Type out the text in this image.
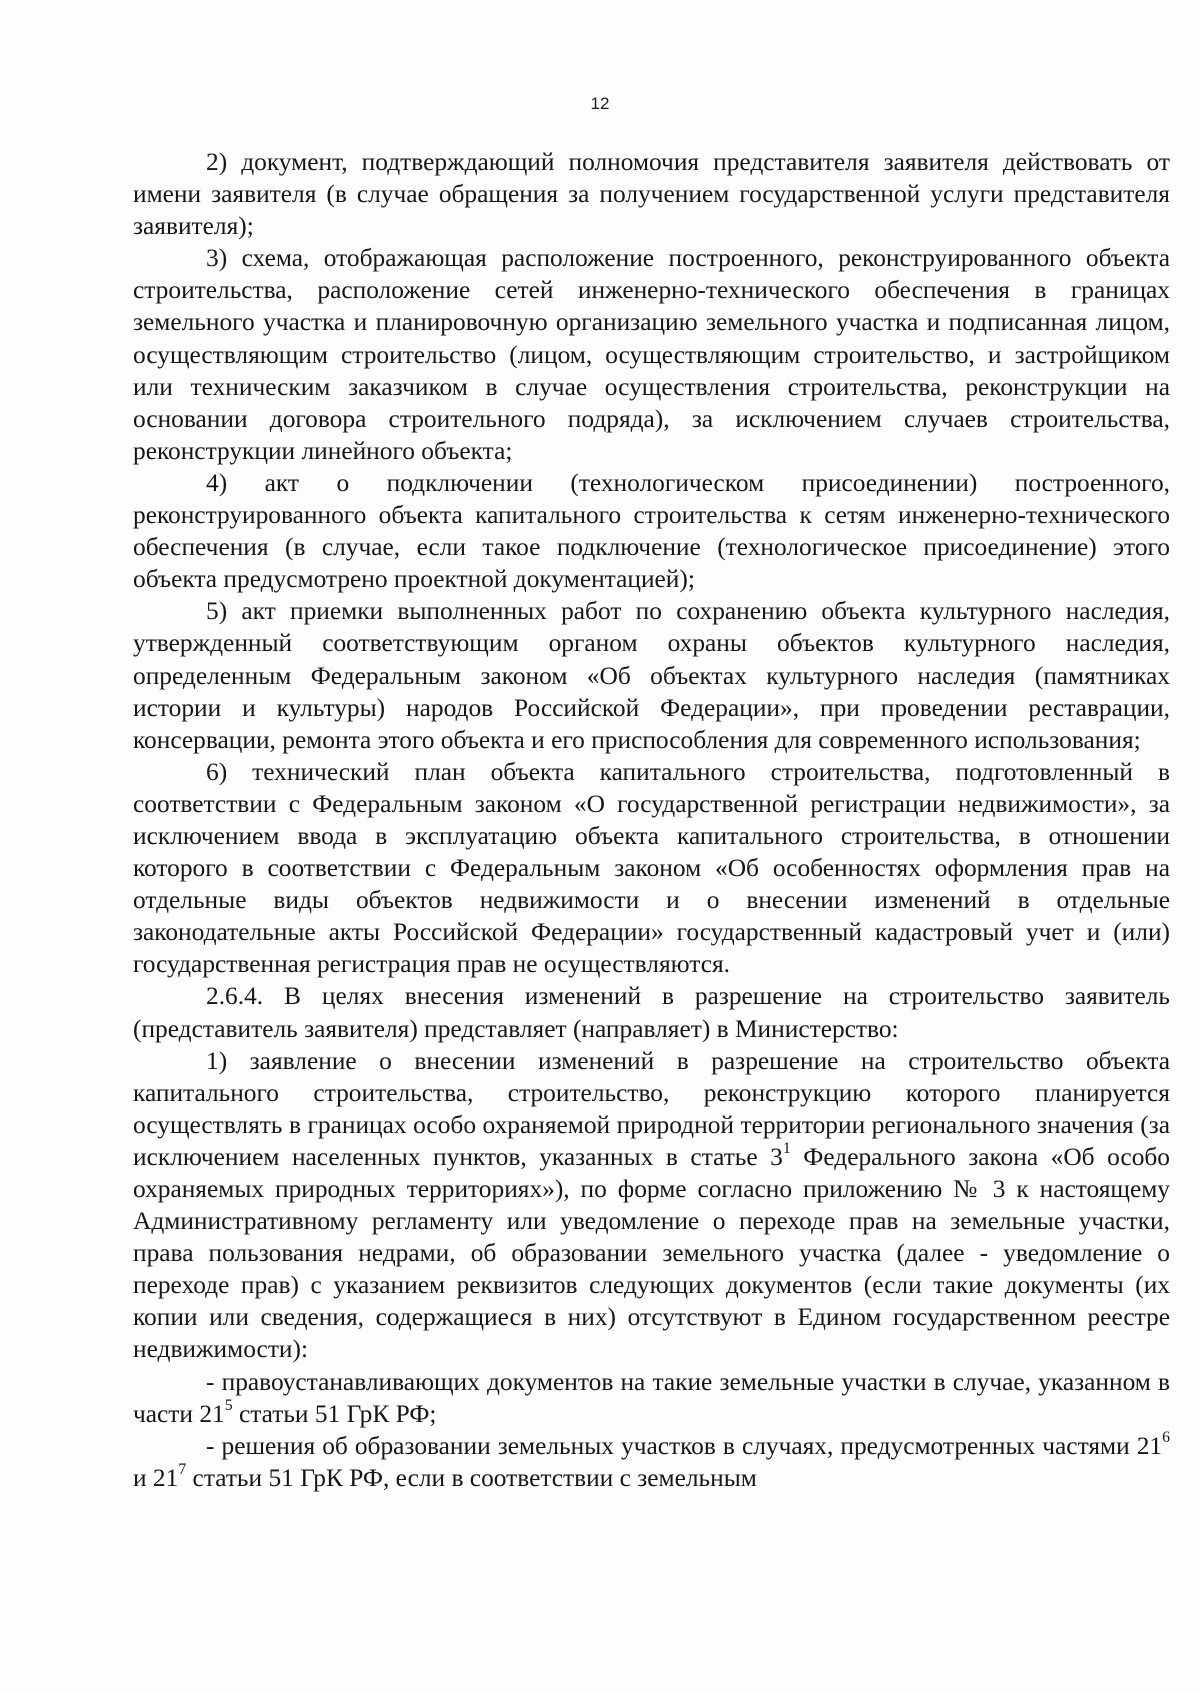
12

2) документ, подтверждающий полномочия представителя заявителя действовать от имени заявителя (в случае обращения за получением государственной услуги представителя заявителя);

3) схема, отображающая расположение построенного, реконструированного объекта строительства, расположение сетей инженерно-технического обеспечения в границах земельного участка и планировочную организацию земельного участка и подписанная лицом, осуществляющим строительство (лицом, осуществляющим строительство, и застройщиком или техническим заказчиком в случае осуществления строительства, реконструкции на основании договора строительного подряда), за исключением случаев строительства, реконструкции линейного объекта;

4) акт о подключении (технологическом присоединении) построенного, реконструированного объекта капитального строительства к сетям инженерно-технического обеспечения (в случае, если такое подключение (технологическое присоединение) этого объекта предусмотрено проектной документацией);

5) акт приемки выполненных работ по сохранению объекта культурного наследия, утвержденный соответствующим органом охраны объектов культурного наследия, определенным Федеральным законом «Об объектах культурного наследия (памятниках истории и культуры) народов Российской Федерации», при проведении реставрации, консервации, ремонта этого объекта и его приспособления для современного использования;

6) технический план объекта капитального строительства, подготовленный в соответствии с Федеральным законом «О государственной регистрации недвижимости», за исключением ввода в эксплуатацию объекта капитального строительства, в отношении которого в соответствии с Федеральным законом «Об особенностях оформления прав на отдельные виды объектов недвижимости и о внесении изменений в отдельные законодательные акты Российской Федерации» государственный кадастровый учет и (или) государственная регистрация прав не осуществляются.

2.6.4. В целях внесения изменений в разрешение на строительство заявитель (представитель заявителя) представляет (направляет) в Министерство:

1) заявление о внесении изменений в разрешение на строительство объекта капитального строительства, строительство, реконструкцию которого планируется осуществлять в границах особо охраняемой природной территории регионального значения (за исключением населенных пунктов, указанных в статье $3^1$ Федерального закона «Об особо охраняемых природных территориях»), по форме согласно приложению № 3 к настоящему Административному регламенту или уведомление о переходе прав на земельные участки, права пользования недрами, об образовании земельного участка (далее - уведомление о переходе прав) с указанием реквизитов следующих документов (если такие документы (их копии или сведения, содержащиеся в них) отсутствуют в Едином государственном реестре недвижимости):

- правоустанавливающих документов на такие земельные участки в случае, указанном в части $21^5$ статьи 51 ГрК РФ;

- решения об образовании земельных участков в случаях, предусмотренных частями $21^6$ и $21^7$ статьи 51 ГрК РФ, если в соответствии с земельным
